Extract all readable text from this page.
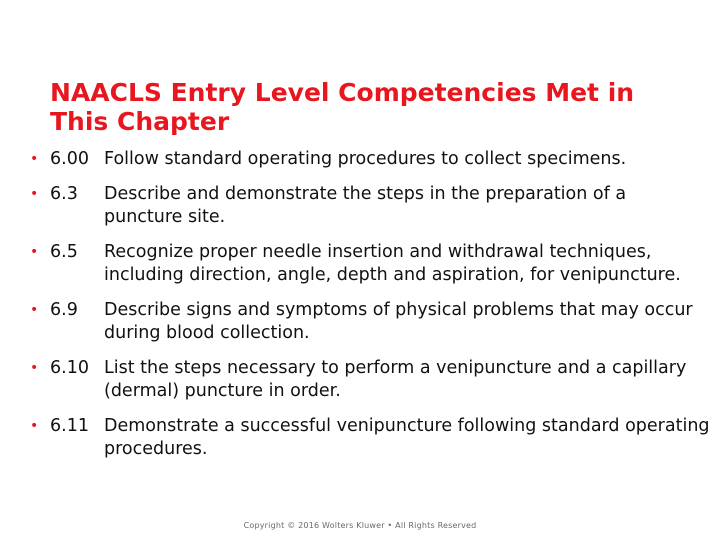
NAACLS Entry Level Competencies Met in
This Chapter
• 6.00 Follow standard operating procedures to collect specimens.
• 6.3 Describe and demonstrate the steps in the preparation of a puncture site.
• 6.5 Recognize proper needle insertion and withdrawal techniques, including direction, angle, depth and aspiration, for venipuncture.
• 6.9 Describe signs and symptoms of physical problems that may occur during blood collection.
• 6.10 List the steps necessary to perform a venipuncture and a capillary (dermal) puncture in order.
• 6.11 Demonstrate a successful venipuncture following standard operating procedures.
Copyright © 2016 Wolters Kluwer • All Rights Reserved
